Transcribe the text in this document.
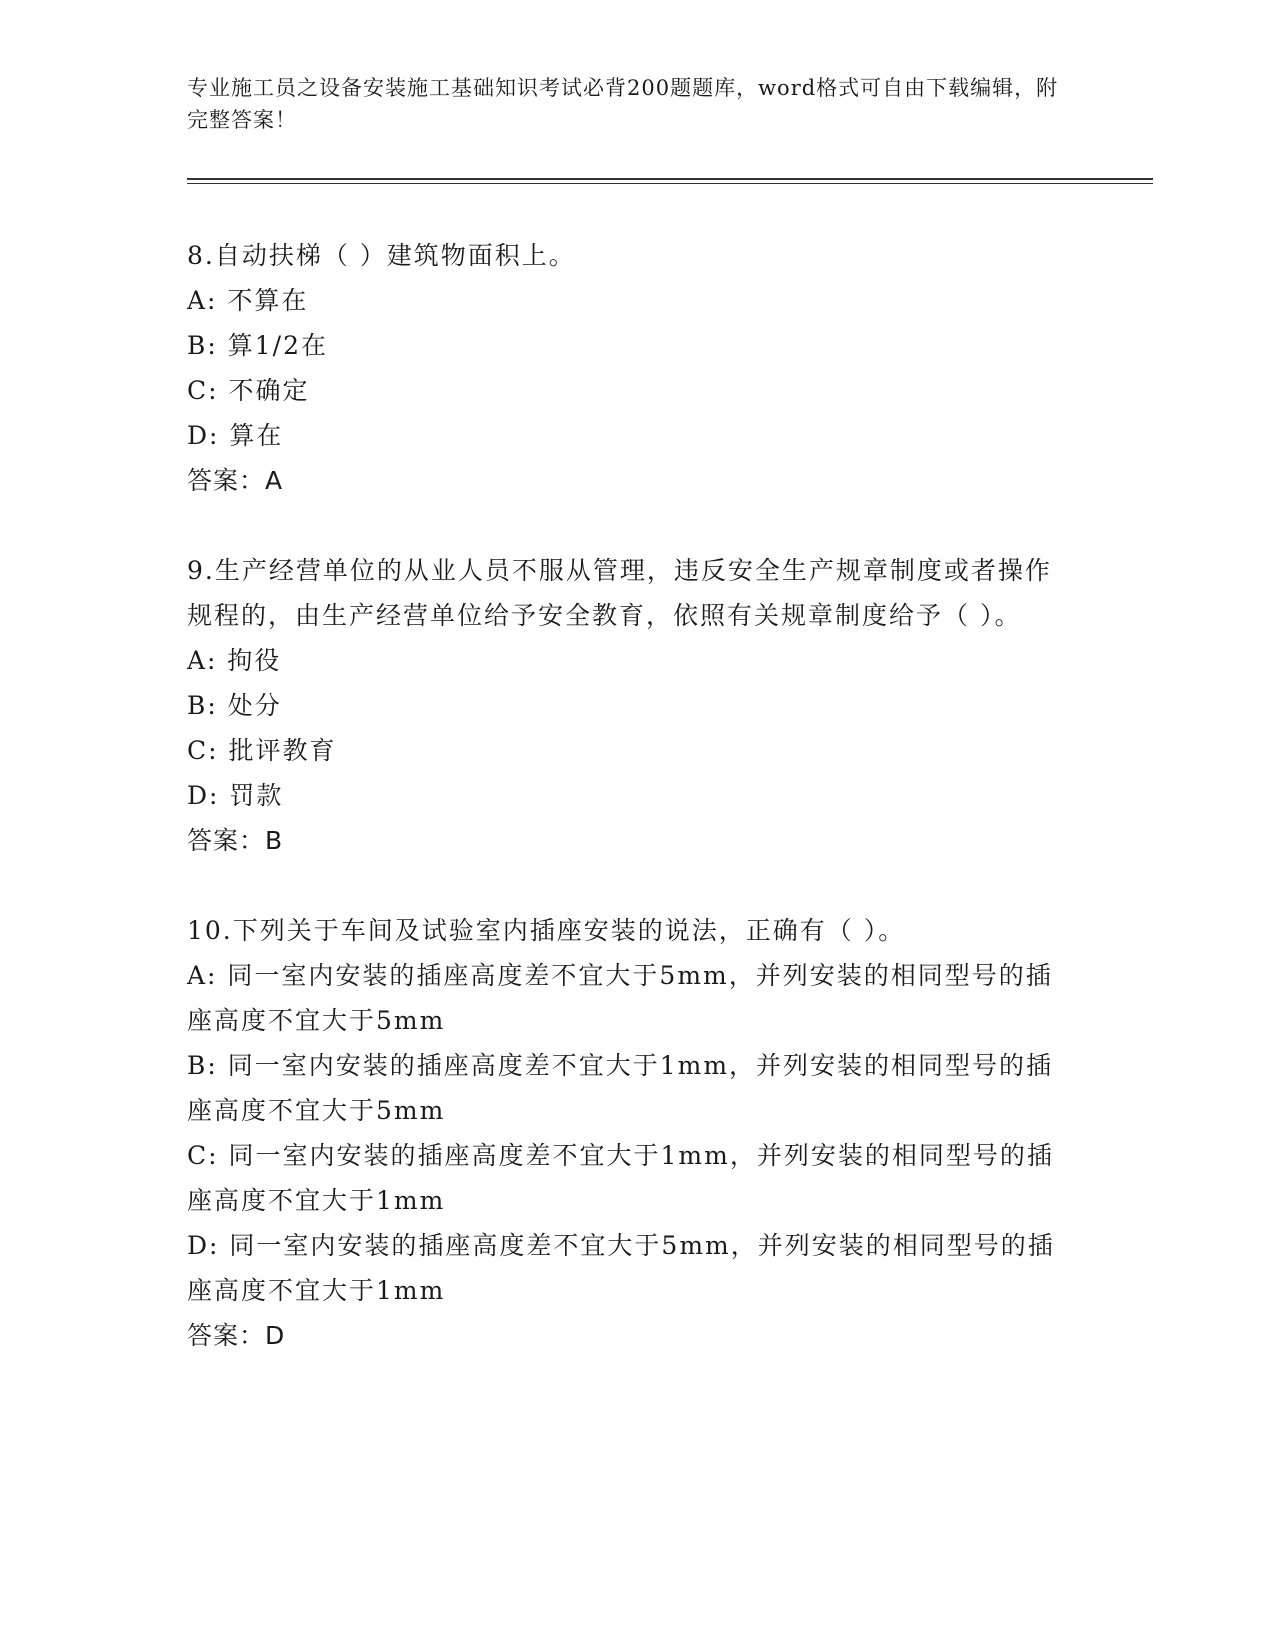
专业施工员之设备安装施工基础知识考试必背200题题库，word格式可自由下载编辑，附完整答案！
8.自动扶梯（ ）建筑物面积上。
A: 不算在
B: 算1/2在
C: 不确定
D: 算在
答案：A
9.生产经营单位的从业人员不服从管理，违反安全生产规章制度或者操作规程的，由生产经营单位给予安全教育，依照有关规章制度给予（ ）。
A: 拘役
B: 处分
C: 批评教育
D: 罚款
答案：B
10.下列关于车间及试验室内插座安装的说法，正确有（ ）。
A: 同一室内安装的插座高度差不宜大于5mm，并列安装的相同型号的插座高度不宜大于5mm
B: 同一室内安装的插座高度差不宜大于1mm，并列安装的相同型号的插座高度不宜大于5mm
C: 同一室内安装的插座高度差不宜大于1mm，并列安装的相同型号的插座高度不宜大于1mm
D: 同一室内安装的插座高度差不宜大于5mm，并列安装的相同型号的插座高度不宜大于1mm
答案：D
